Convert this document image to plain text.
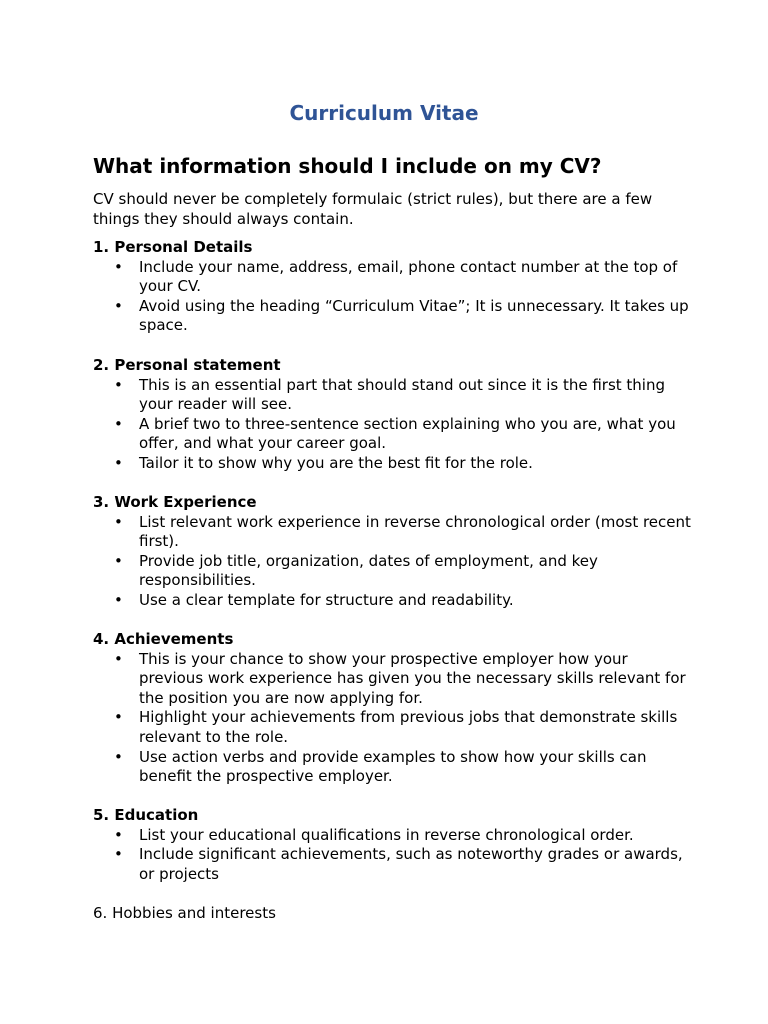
Curriculum Vitae
What information should I include on my CV?
CV should never be completely formulaic (strict rules), but there are a few things they should always contain.
1. Personal Details
• Include your name, address, email, phone contact number at the top of your CV.
• Avoid using the heading “Curriculum Vitae”; It is unnecessary. It takes up space.
2. Personal statement
• This is an essential part that should stand out since it is the first thing your reader will see.
• A brief two to three-sentence section explaining who you are, what you offer, and what your career goal.
• Tailor it to show why you are the best fit for the role.
3. Work Experience
• List relevant work experience in reverse chronological order (most recent first).
• Provide job title, organization, dates of employment, and key responsibilities.
• Use a clear template for structure and readability.
4. Achievements
• This is your chance to show your prospective employer how your previous work experience has given you the necessary skills relevant for the position you are now applying for.
• Highlight your achievements from previous jobs that demonstrate skills relevant to the role.
• Use action verbs and provide examples to show how your skills can benefit the prospective employer.
5. Education
• List your educational qualifications in reverse chronological order.
• Include significant achievements, such as noteworthy grades or awards, or projects
6. Hobbies and interests
